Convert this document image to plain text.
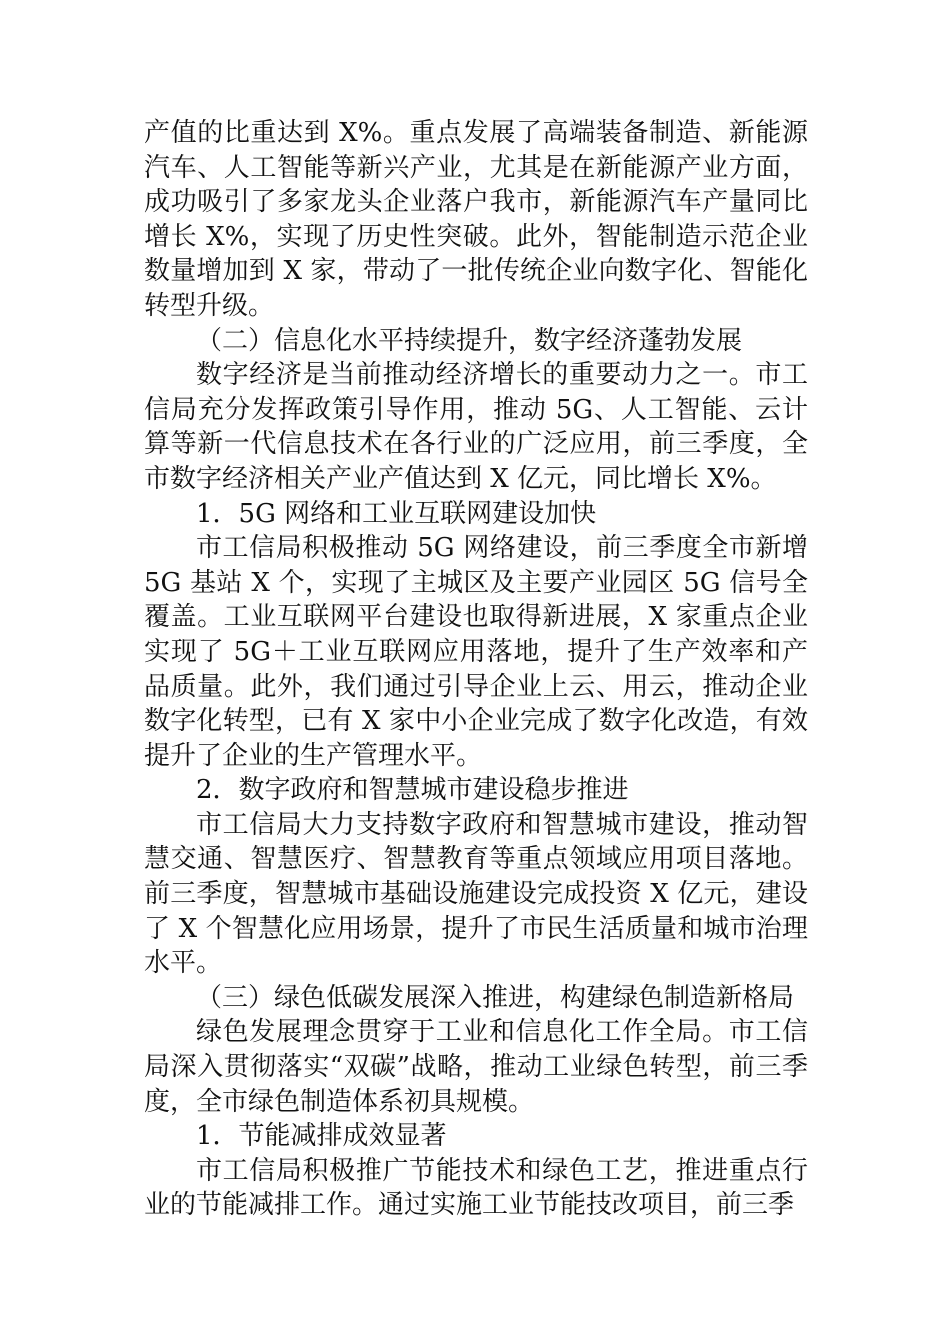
产值的比重达到 X%。重点发展了高端装备制造、新能源汽车、人工智能等新兴产业，尤其是在新能源产业方面，成功吸引了多家龙头企业落户我市，新能源汽车产量同比增长 X%，实现了历史性突破。此外，智能制造示范企业数量增加到 X 家，带动了一批传统企业向数字化、智能化转型升级。

（二）信息化水平持续提升，数字经济蓬勃发展

数字经济是当前推动经济增长的重要动力之一。市工信局充分发挥政策引导作用，推动 5G、人工智能、云计算等新一代信息技术在各行业的广泛应用，前三季度，全市数字经济相关产业产值达到 X 亿元，同比增长 X%。

1．5G 网络和工业互联网建设加快

市工信局积极推动 5G 网络建设，前三季度全市新增 5G 基站 X 个，实现了主城区及主要产业园区 5G 信号全覆盖。工业互联网平台建设也取得新进展，X 家重点企业实现了 5G＋工业互联网应用落地，提升了生产效率和产品质量。此外，我们通过引导企业上云、用云，推动企业数字化转型，已有 X 家中小企业完成了数字化改造，有效提升了企业的生产管理水平。

2．数字政府和智慧城市建设稳步推进

市工信局大力支持数字政府和智慧城市建设，推动智慧交通、智慧医疗、智慧教育等重点领域应用项目落地。前三季度，智慧城市基础设施建设完成投资 X 亿元，建设了 X 个智慧化应用场景，提升了市民生活质量和城市治理水平。

（三）绿色低碳发展深入推进，构建绿色制造新格局

绿色发展理念贯穿于工业和信息化工作全局。市工信局深入贯彻落实“双碳”战略，推动工业绿色转型，前三季度，全市绿色制造体系初具规模。

1．节能减排成效显著

市工信局积极推广节能技术和绿色工艺，推进重点行业的节能减排工作。通过实施工业节能技改项目，前三季
